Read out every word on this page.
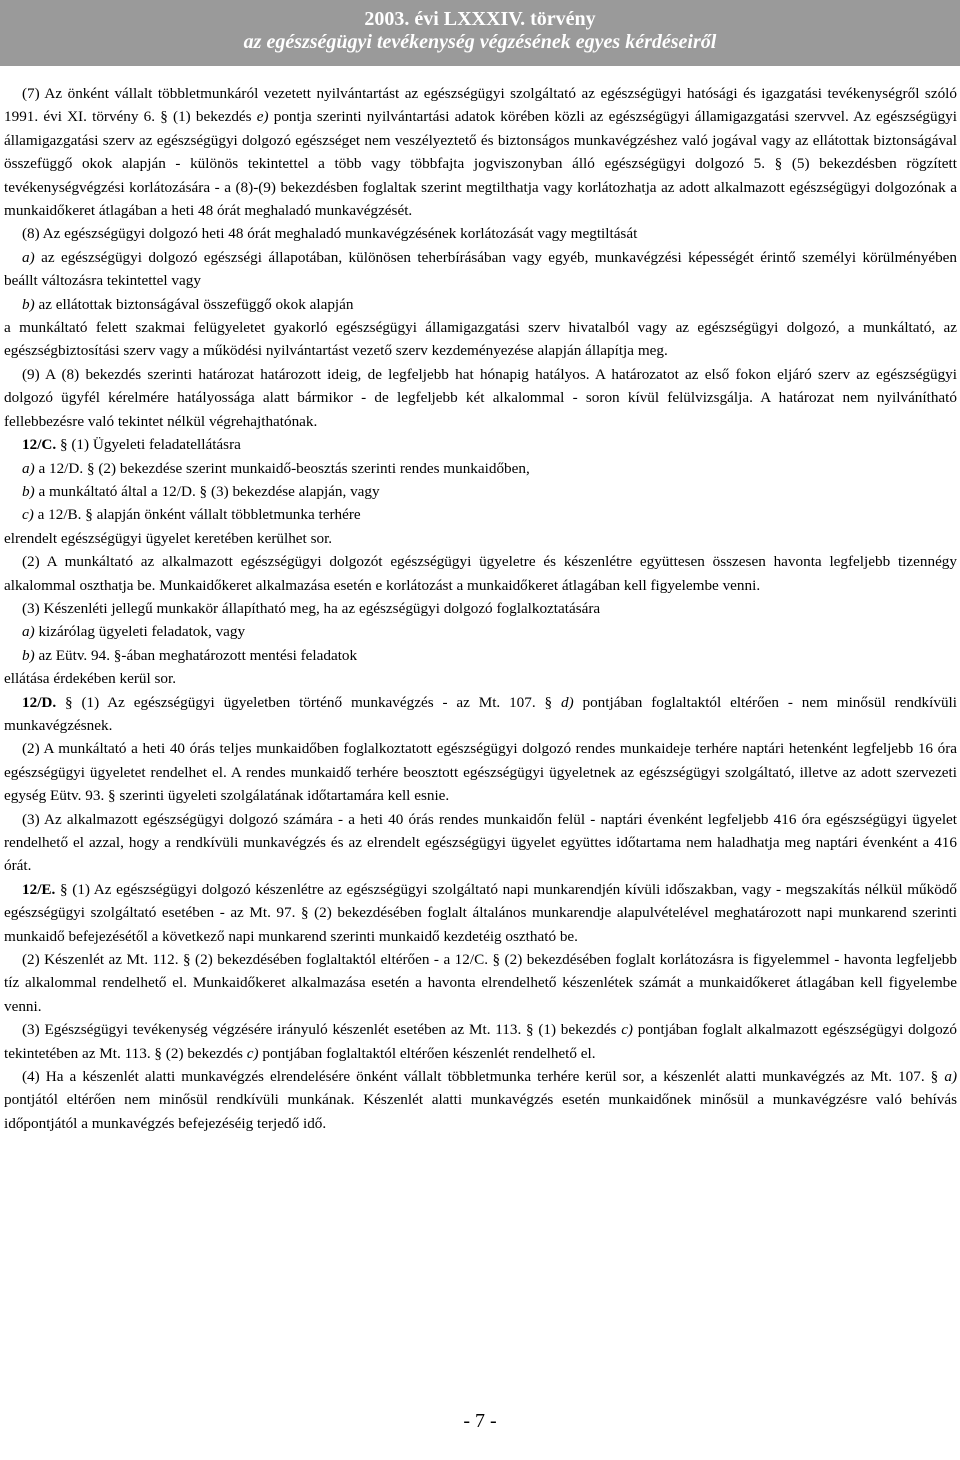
2003. évi LXXXIV. törvény
az egészségügyi tevékenység végzésének egyes kérdéseiről

(7) Az önként vállalt többletmunkáról vezetett nyilvántartást az egészségügyi szolgáltató az egészségügyi hatósági és igazgatási tevékenységről szóló 1991. évi XI. törvény 6. § (1) bekezdés e) pontja szerinti nyilvántartási adatok körében közli az egészségügyi államigazgatási szervvel. Az egészségügyi államigazgatási szerv az egészségügyi dolgozó egészséget nem veszélyeztető és biztonságos munkavégzéshez való jogával vagy az ellátottak biztonságával összefüggő okok alapján - különös tekintettel a több vagy többfajta jogviszonyban álló egészségügyi dolgozó 5. § (5) bekezdésben rögzített tevékenységvégzési korlátozására - a (8)-(9) bekezdésben foglaltak szerint megtilthatja vagy korlátozhatja az adott alkalmazott egészségügyi dolgozónak a munkaidőkeret átlagában a heti 48 órát meghaladó munkavégzését.

(8) Az egészségügyi dolgozó heti 48 órát meghaladó munkavégzésének korlátozását vagy megtiltását

a) az egészségügyi dolgozó egészségi állapotában, különösen teherbírásában vagy egyéb, munkavégzési képességét érintő személyi körülményében beállt változásra tekintettel vagy

b) az ellátottak biztonságával összefüggő okok alapján

a munkáltató felett szakmai felügyeletet gyakorló egészségügyi államigazgatási szerv hivatalból vagy az egészségügyi dolgozó, a munkáltató, az egészségbiztosítási szerv vagy a működési nyilvántartást vezető szerv kezdeményezése alapján állapítja meg.

(9) A (8) bekezdés szerinti határozat határozott ideig, de legfeljebb hat hónapig hatályos. A határozatot az első fokon eljáró szerv az egészségügyi dolgozó ügyfél kérelmére hatályossága alatt bármikor - de legfeljebb két alkalommal - soron kívül felülvizsgálja. A határozat nem nyilvánítható fellebbezésre való tekintet nélkül végrehajthatónak.

12/C. § (1) Ügyeleti feladatellátásra

a) a 12/D. § (2) bekezdése szerint munkaidő-beosztás szerinti rendes munkaidőben,

b) a munkáltató által a 12/D. § (3) bekezdése alapján, vagy

c) a 12/B. § alapján önként vállalt többletmunka terhére

elrendelt egészségügyi ügyelet keretében kerülhet sor.

(2) A munkáltató az alkalmazott egészségügyi dolgozót egészségügyi ügyeletre és készenlétre együttesen összesen havonta legfeljebb tizennégy alkalommal oszthatja be. Munkaidőkeret alkalmazása esetén e korlátozást a munkaidőkeret átlagában kell figyelembe venni.

(3) Készenléti jellegű munkakör állapítható meg, ha az egészségügyi dolgozó foglalkoztatására

a) kizárólag ügyeleti feladatok, vagy

b) az Eütv. 94. §-ában meghatározott mentési feladatok

ellátása érdekében kerül sor.

12/D. § (1) Az egészségügyi ügyeletben történő munkavégzés - az Mt. 107. § d) pontjában foglaltaktól eltérően - nem minősül rendkívüli munkavégzésnek.

(2) A munkáltató a heti 40 órás teljes munkaidőben foglalkoztatott egészségügyi dolgozó rendes munkaideje terhére naptári hetenként legfeljebb 16 óra egészségügyi ügyeletet rendelhet el. A rendes munkaidő terhére beosztott egészségügyi ügyeletnek az egészségügyi szolgáltató, illetve az adott szervezeti egység Eütv. 93. § szerinti ügyeleti szolgálatának időtartamára kell esnie.

(3) Az alkalmazott egészségügyi dolgozó számára - a heti 40 órás rendes munkaidőn felül - naptári évenként legfeljebb 416 óra egészségügyi ügyelet rendelhető el azzal, hogy a rendkívüli munkavégzés és az elrendelt egészségügyi ügyelet együttes időtartama nem haladhatja meg naptári évenként a 416 órát.

12/E. § (1) Az egészségügyi dolgozó készenlétre az egészségügyi szolgáltató napi munkarendjén kívüli időszakban, vagy - megszakítás nélkül működő egészségügyi szolgáltató esetében - az Mt. 97. § (2) bekezdésében foglalt általános munkarendje alapulvételével meghatározott napi munkarend szerinti munkaidő befejezésétől a következő napi munkarend szerinti munkaidő kezdetéig osztható be.

(2) Készenlét az Mt. 112. § (2) bekezdésében foglaltaktól eltérően - a 12/C. § (2) bekezdésében foglalt korlátozásra is figyelemmel - havonta legfeljebb tíz alkalommal rendelhető el. Munkaidőkeret alkalmazása esetén a havonta elrendelhető készenlétek számát a munkaidőkeret átlagában kell figyelembe venni.

(3) Egészségügyi tevékenység végzésére irányuló készenlét esetében az Mt. 113. § (1) bekezdés c) pontjában foglalt alkalmazott egészségügyi dolgozó tekintetében az Mt. 113. § (2) bekezdés c) pontjában foglaltaktól eltérően készenlét rendelhető el.

(4) Ha a készenlét alatti munkavégzés elrendelésére önként vállalt többletmunka terhére kerül sor, a készenlét alatti munkavégzés az Mt. 107. § a) pontjától eltérően nem minősül rendkívüli munkának. Készenlét alatti munkavégzés esetén munkaidőnek minősül a munkavégzésre való behívás időpontjától a munkavégzés befejezéséig terjedő idő.

- 7 -
